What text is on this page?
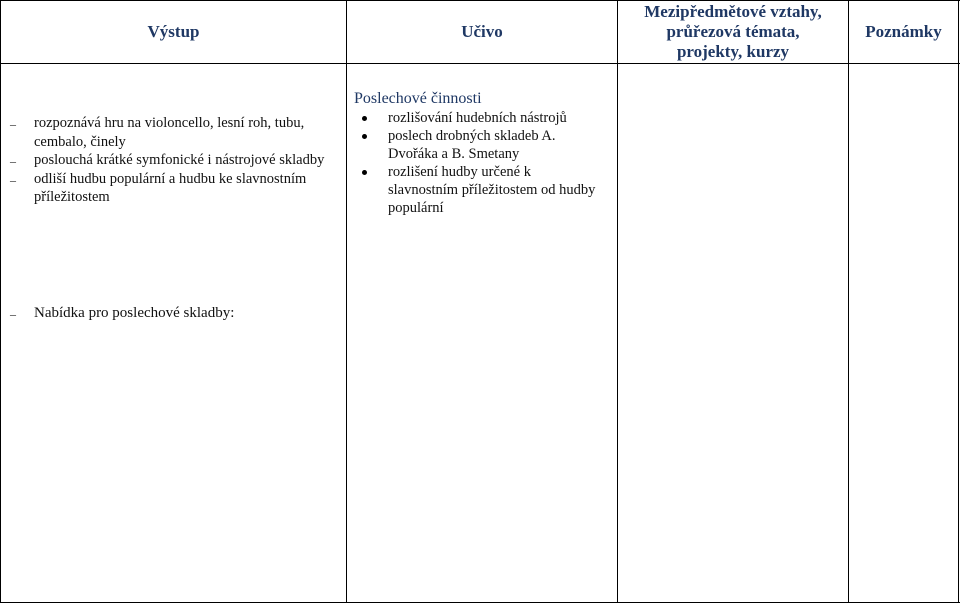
Výstup	Učivo
Mezipředmětové vztahy, průřezová témata, projekty, kurzy
Poznámky
– rozpoznává hru na violoncello, lesní roh, tubu, cembalo, činely
– poslouchá krátké symfonické i nástrojové skladby
– odliší hudbu populární a hudbu ke slavnostním příležitostem
Poslechové činnosti
rozlišování hudebních nástrojů
poslech drobných skladeb A. Dvořáka a B. Smetany
rozlišení hudby určené k slavnostním příležitostem od hudby populární
– Nabídka pro poslechové skladby:
